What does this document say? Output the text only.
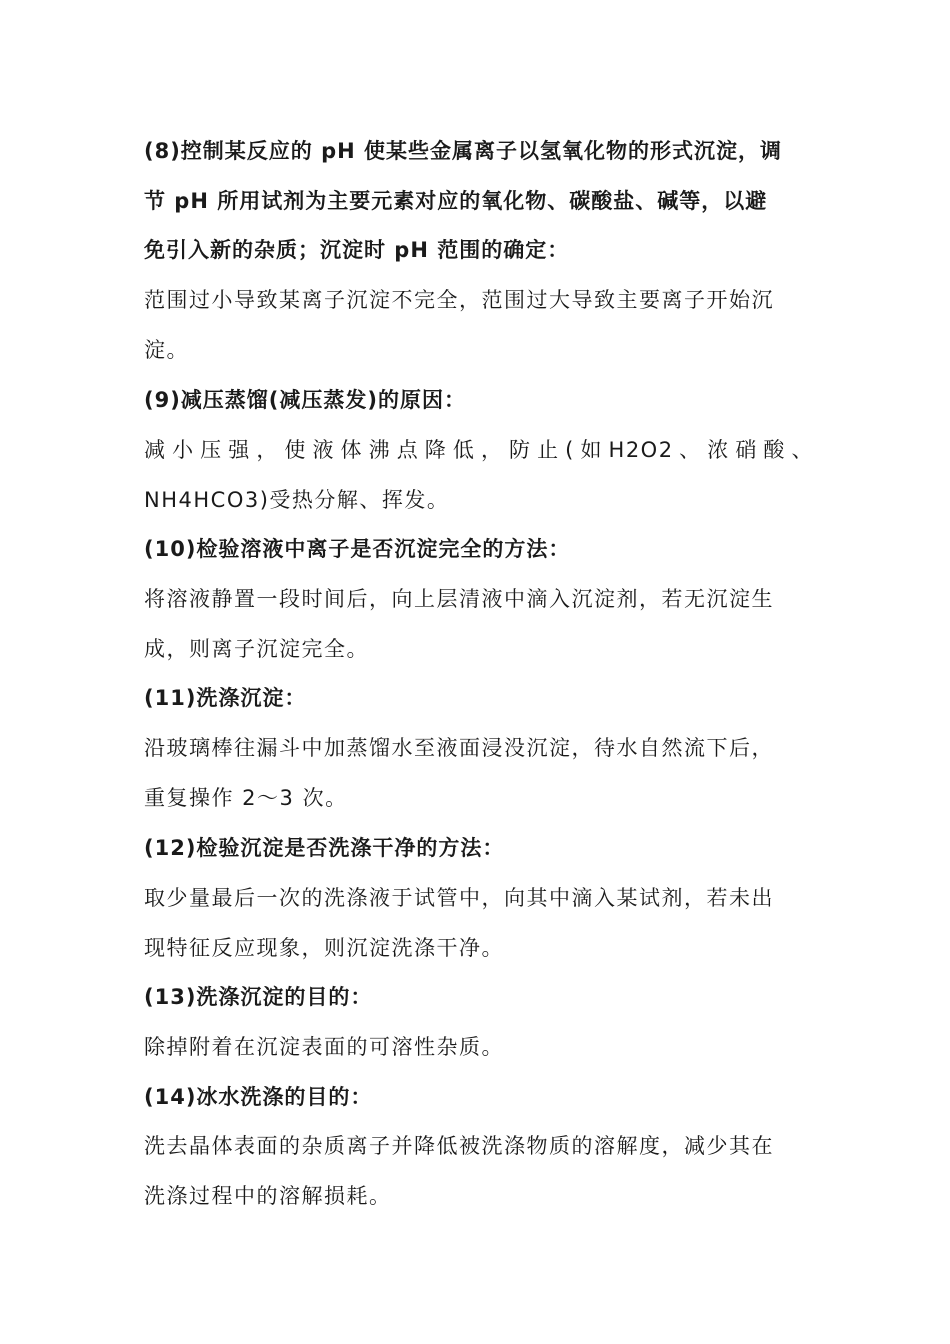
(8)控制某反应的 pH 使某些金属离子以氢氧化物的形式沉淀，调
节 pH 所用试剂为主要元素对应的氧化物、碳酸盐、碱等，以避
免引入新的杂质；沉淀时 pH 范围的确定：
范围过小导致某离子沉淀不完全，范围过大导致主要离子开始沉
淀。
(9)减压蒸馏(减压蒸发)的原因：
减 小 压 强 ， 使 液 体 沸 点 降 低 ， 防 止 ( 如 H2O2 、 浓 硝 酸 、
NH4HCO3)受热分解、挥发。
(10)检验溶液中离子是否沉淀完全的方法：
将溶液静置一段时间后，向上层清液中滴入沉淀剂，若无沉淀生
成，则离子沉淀完全。
(11)洗涤沉淀：
沿玻璃棒往漏斗中加蒸馏水至液面浸没沉淀，待水自然流下后，
重复操作 2～3 次。
(12)检验沉淀是否洗涤干净的方法：
取少量最后一次的洗涤液于试管中，向其中滴入某试剂，若未出
现特征反应现象，则沉淀洗涤干净。
(13)洗涤沉淀的目的：
除掉附着在沉淀表面的可溶性杂质。
(14)冰水洗涤的目的：
洗去晶体表面的杂质离子并降低被洗涤物质的溶解度，减少其在
洗涤过程中的溶解损耗。
